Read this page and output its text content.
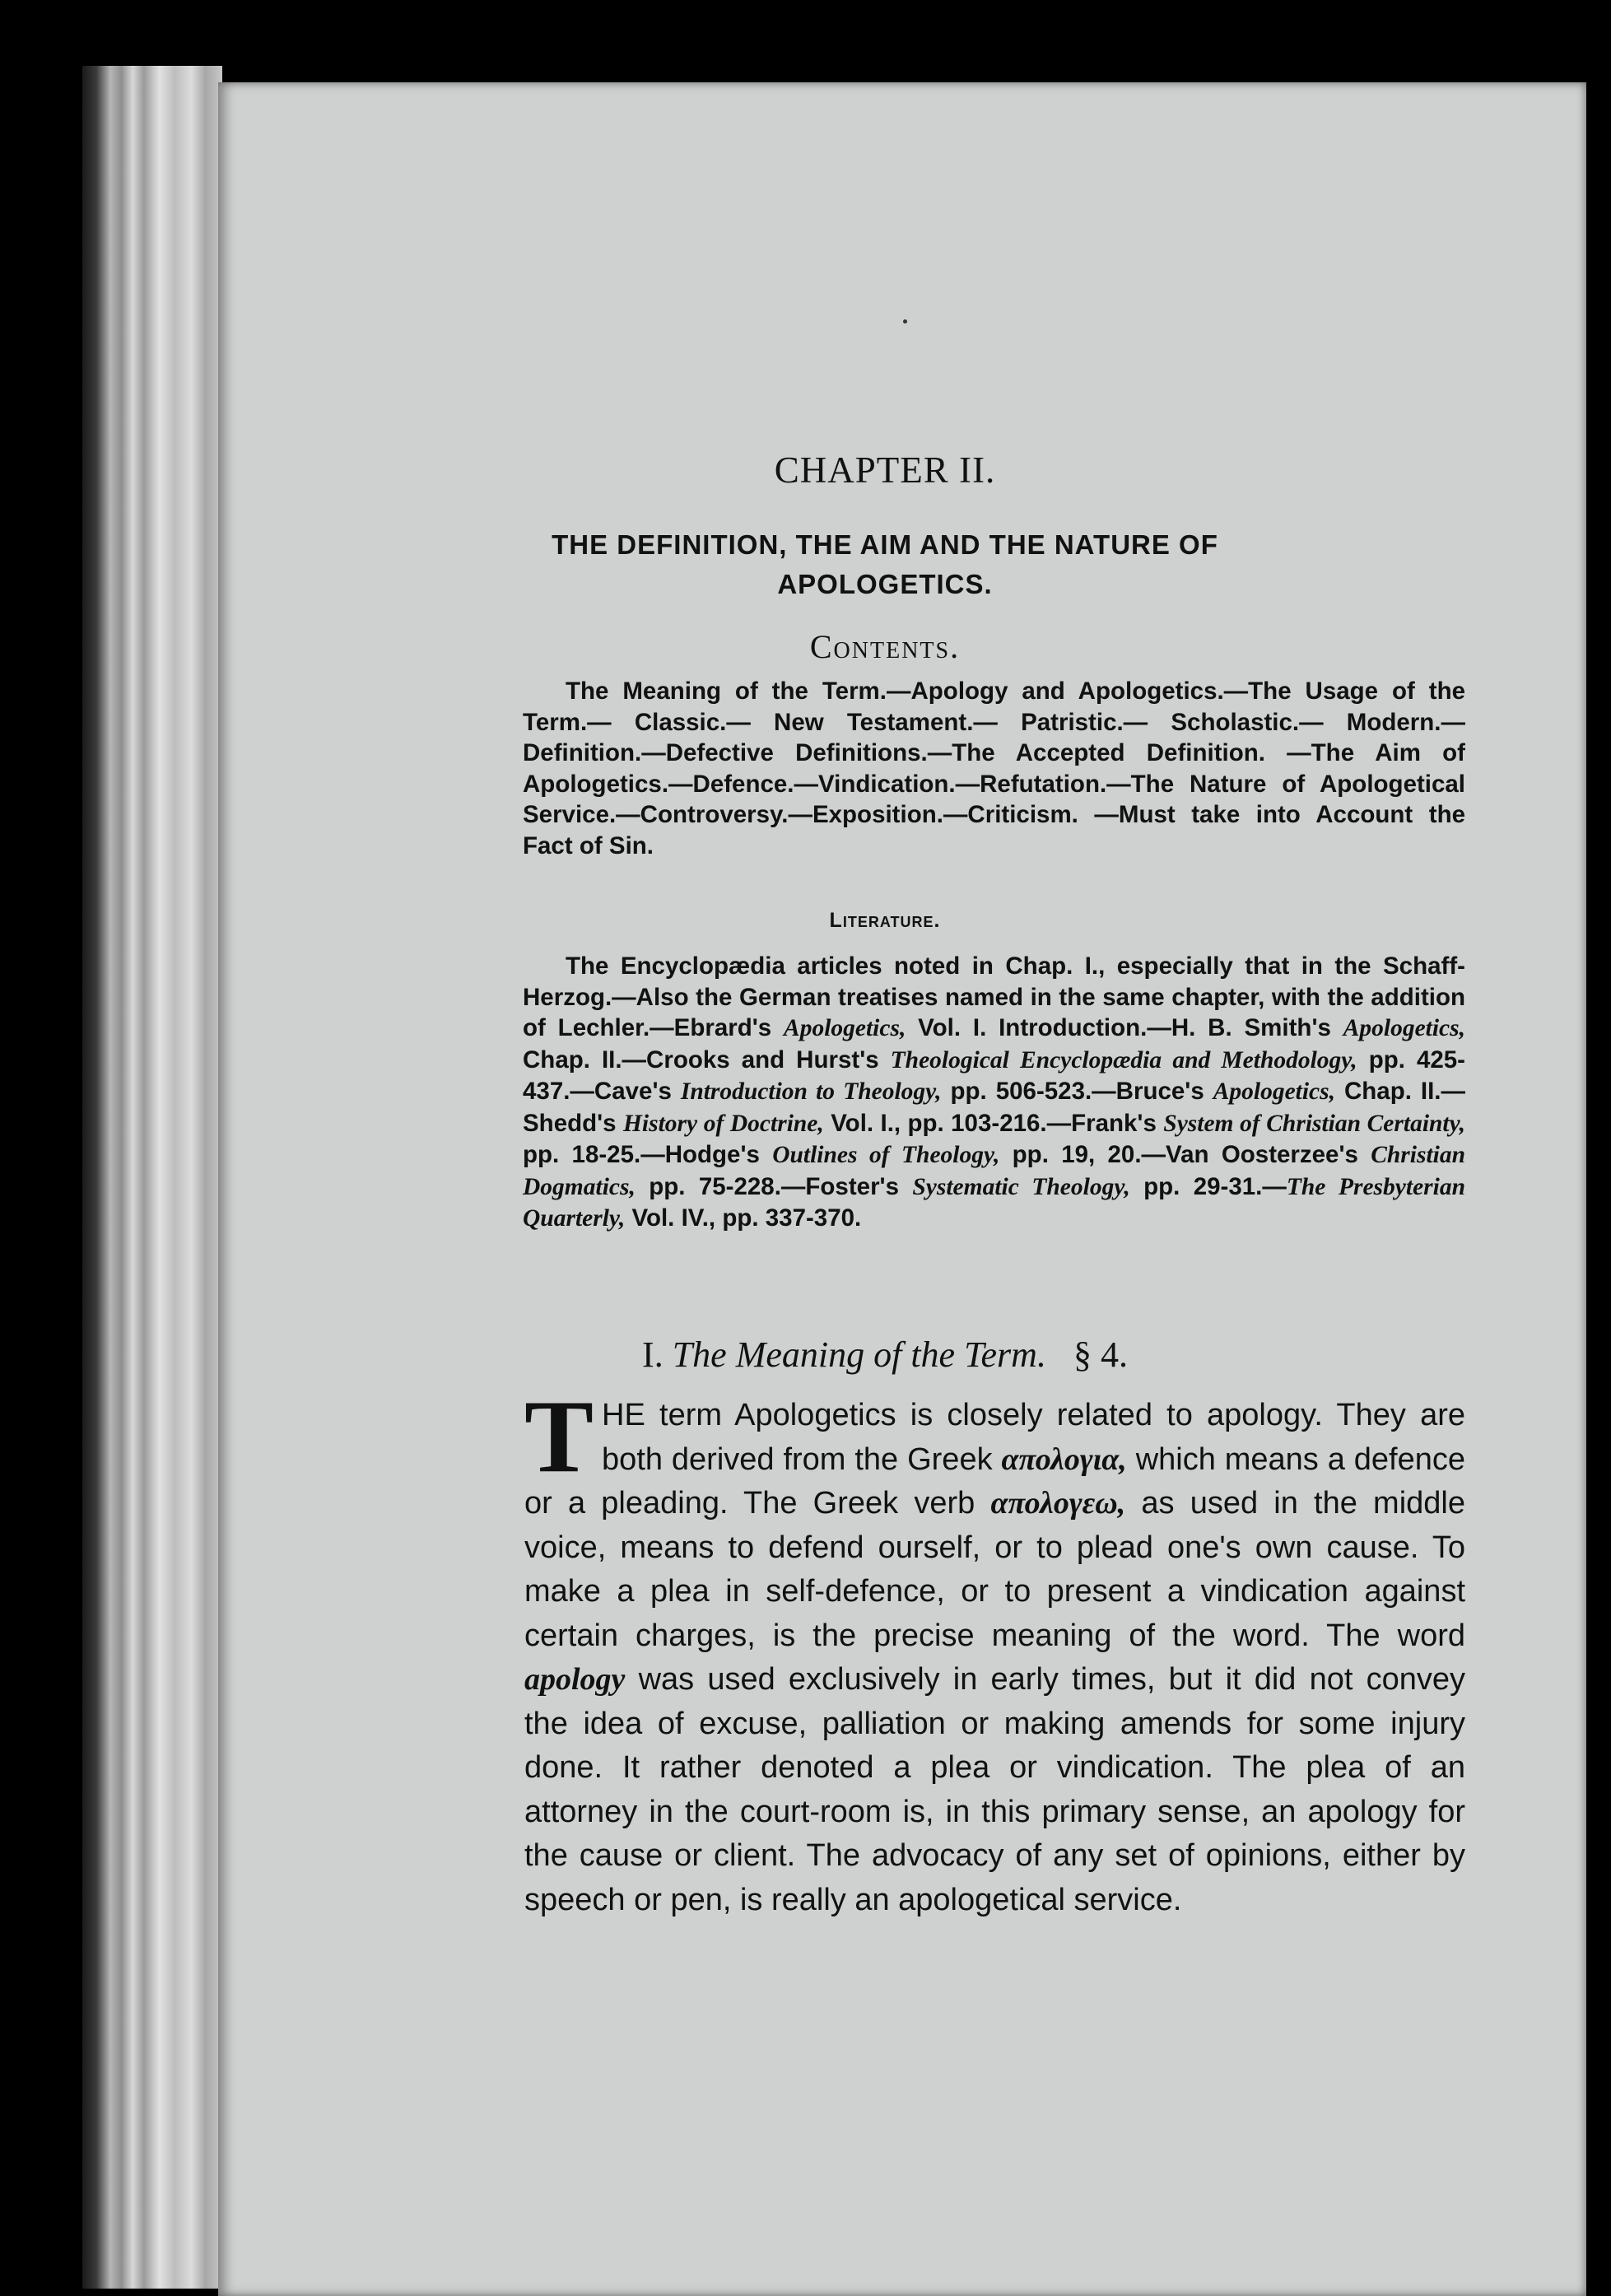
CHAPTER II.
THE DEFINITION, THE AIM AND THE NATURE OF
APOLOGETICS.
Contents.
The Meaning of the Term.—Apology and Apologetics.—The Usage of the Term.— Classic.— New Testament.— Patristic.— Scholastic.— Modern.—Definition.—Defective Definitions.—The Accepted Definition. —The Aim of Apologetics.—Defence.—Vindication.—Refutation.—The Nature of Apologetical Service.—Controversy.—Exposition.—Criticism. —Must take into Account the Fact of Sin.
Literature.
The Encyclopædia articles noted in Chap. I., especially that in the Schaff-Herzog.—Also the German treatises named in the same chapter, with the addition of Lechler.—Ebrard's Apologetics, Vol. I. Introduction.—H. B. Smith's Apologetics, Chap. II.—Crooks and Hurst's Theological Encyclopædia and Methodology, pp. 425-437.—Cave's Introduction to Theology, pp. 506-523.—Bruce's Apologetics, Chap. II.—Shedd's History of Doctrine, Vol. I., pp. 103-216.—Frank's System of Christian Certainty, pp. 18-25.—Hodge's Outlines of Theology, pp. 19, 20.—Van Oosterzee's Christian Dogmatics, pp. 75-228.—Foster's Systematic Theology, pp. 29-31.—The Presbyterian Quarterly, Vol. IV., pp. 337-370.
I. The Meaning of the Term. § 4.
THE term Apologetics is closely related to apology. They are both derived from the Greek απολογια, which means a defence or a pleading. The Greek verb απολογεω, as used in the middle voice, means to defend ourself, or to plead one's own cause. To make a plea in self-defence, or to present a vindication against certain charges, is the precise meaning of the word. The word apology was used exclusively in early times, but it did not convey the idea of excuse, palliation or making amends for some injury done. It rather denoted a plea or vindication. The plea of an attorney in the court-room is, in this primary sense, an apology for the cause or client. The advocacy of any set of opinions, either by speech or pen, is really an apologetical service.
